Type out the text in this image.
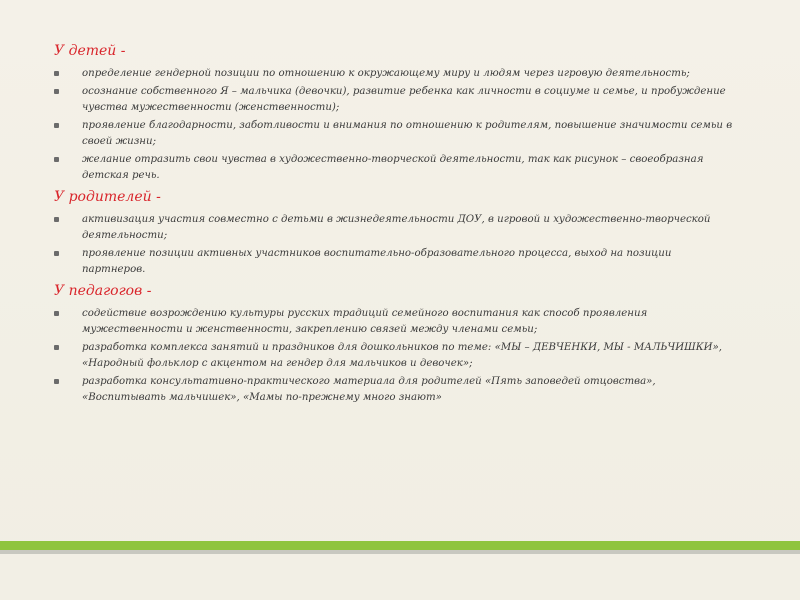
У детей -
определение гендерной позиции по отношению к окружающему миру и людям через игровую деятельность;
осознание собственного Я – мальчика (девочки), развитие ребенка как личности в социуме и семье, и пробуждение чувства мужественности (женственности);
проявление благодарности, заботливости и внимания по отношению к родителям, повышение значимости семьи в своей жизни;
желание отразить свои чувства в художественно-творческой деятельности, так как рисунок – своеобразная детская речь.
У родителей -
активизация участия совместно с детьми в жизнедеятельности ДОУ, в игровой и художественно-творческой деятельности;
проявление позиции активных участников воспитательно-образовательного процесса, выход на позиции партнеров.
У педагогов -
содействие возрождению культуры русских традиций семейного воспитания как способ проявления мужественности и женственности, закреплению связей между членами семьи;
разработка комплекса занятий и праздников для дошкольников по теме: «МЫ – ДЕВЧЕНКИ, МЫ - МАЛЬЧИШКИ», «Народный фольклор с акцентом на гендер для мальчиков и девочек»;
разработка консультативно-практического материала для родителей «Пять заповедей отцовства», «Воспитывать мальчишек», «Мамы по-прежнему много знают»
